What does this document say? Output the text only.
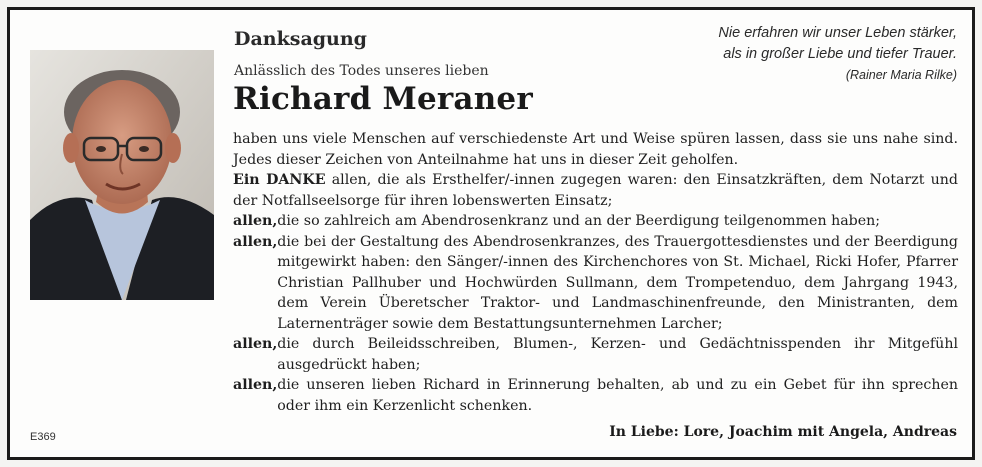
Danksagung
Anlässlich des Todes unseres lieben
Richard Meraner
Nie erfahren wir unser Leben stärker,
als in großer Liebe und tiefer Trauer.
(Rainer Maria Rilke)

haben uns viele Menschen auf verschiedenste Art und Weise spüren lassen, dass sie uns nahe sind. Jedes dieser Zeichen von Anteilnahme hat uns in dieser Zeit geholfen.

Ein DANKE allen, die als Ersthelfer/-innen zugegen waren: den Einsatzkräften, dem Notarzt und der Notfallseelsorge für ihren lobenswerten Einsatz;

allen, die so zahlreich am Abendrosenkranz und an der Beerdigung teilgenommen haben;
allen, die bei der Gestaltung des Abendrosenkranzes, des Trauergottesdienstes und der Beerdigung mitgewirkt haben: den Sänger/-innen des Kirchenchores von St. Michael, Ricki Hofer, Pfarrer Christian Pallhuber und Hochwürden Sullmann, dem Trompetenduo, dem Jahrgang 1943, dem Verein Überetscher Traktor- und Landmaschinenfreunde, den Ministranten, dem Laternenträger sowie dem Bestattungsunternehmen Larcher;
allen, die durch Beileidsschreiben, Blumen-, Kerzen- und Gedächtnisspenden ihr Mitgefühl ausgedrückt haben;
allen, die unseren lieben Richard in Erinnerung behalten, ab und zu ein Gebet für ihn sprechen oder ihm ein Kerzenlicht schenken.
In Liebe: Lore, Joachim mit Angela, Andreas
E369
